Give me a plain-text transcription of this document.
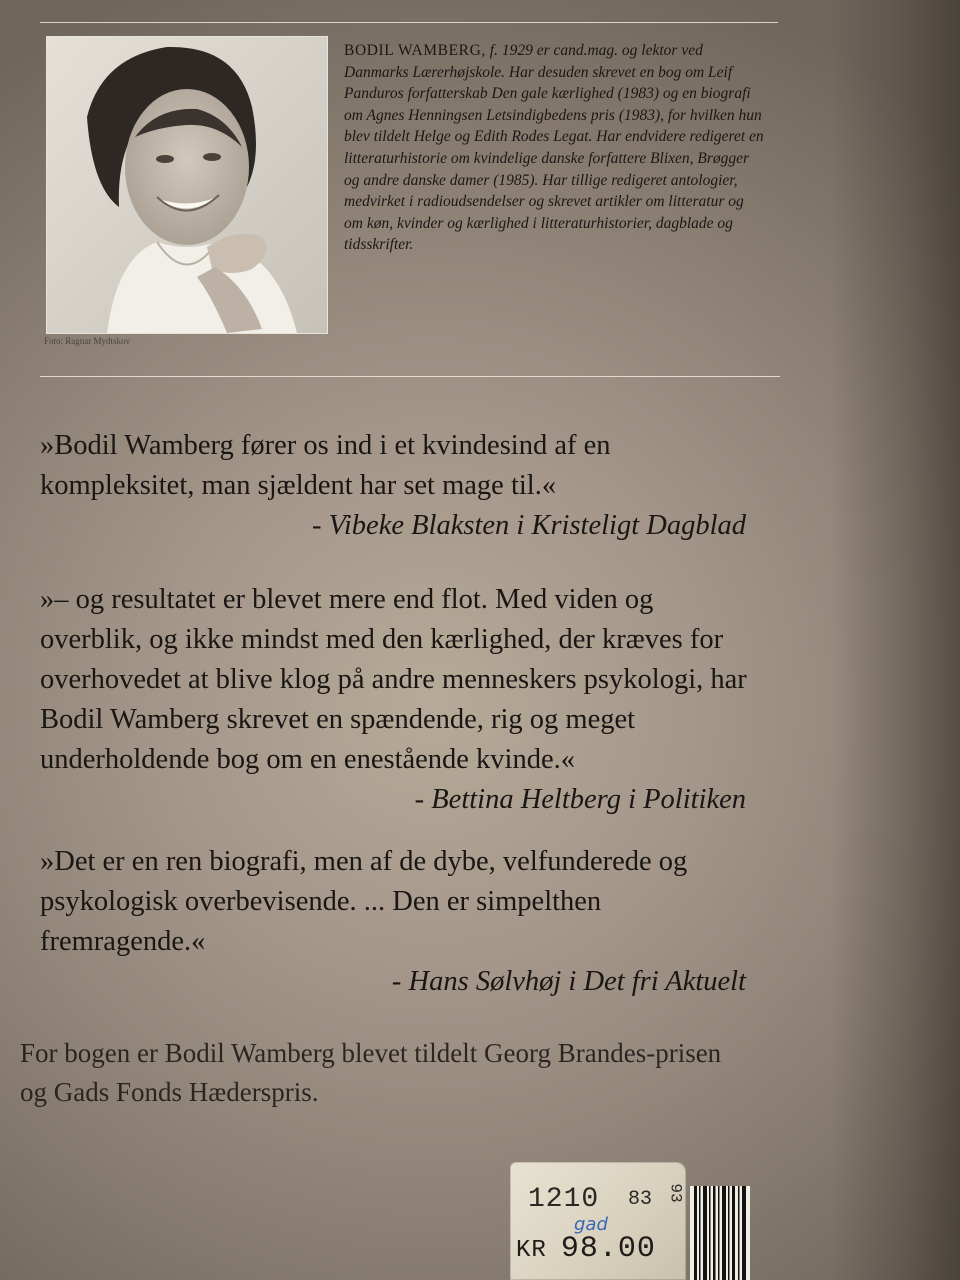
Foto: Ragnar Mydtskov

BODIL WAMBERG, f. 1929 er cand.mag. og lektor ved Danmarks Lærerhøjskole. Har desuden skrevet en bog om Leif Panduros forfatterskab Den gale kærlighed (1983) og en biografi om Agnes Henningsen Letsindigbedens pris (1983), for hvilken hun blev tildelt Helge og Edith Rodes Legat. Har endvidere redigeret en litteraturhistorie om kvindelige danske forfattere Blixen, Brøgger og andre danske damer (1985). Har tillige redigeret antologier, medvirket i radioudsendelser og skrevet artikler om litteratur og om køn, kvinder og kærlighed i litteraturhistorier, dagblade og tidsskrifter.

»Bodil Wamberg fører os ind i et kvindesind af en kompleksitet, man sjældent har set mage til.«
- Vibeke Blaksten i Kristeligt Dagblad

»– og resultatet er blevet mere end flot. Med viden og overblik, og ikke mindst med den kærlighed, der kræves for overhovedet at blive klog på andre menneskers psykologi, har Bodil Wamberg skrevet en spændende, rig og meget underholdende bog om en enestående kvinde.«
- Bettina Heltberg i Politiken

»Det er en ren biografi, men af de dybe, velfunderede og psykologisk overbevisende. ... Den er simpelthen fremragende.«
- Hans Sølvhøj i Det fri Aktuelt

For bogen er Bodil Wamberg blevet tildelt Georg Brandes-prisen og Gads Fonds Hæderspris.

1210 83 93
gad
KR 98.00
